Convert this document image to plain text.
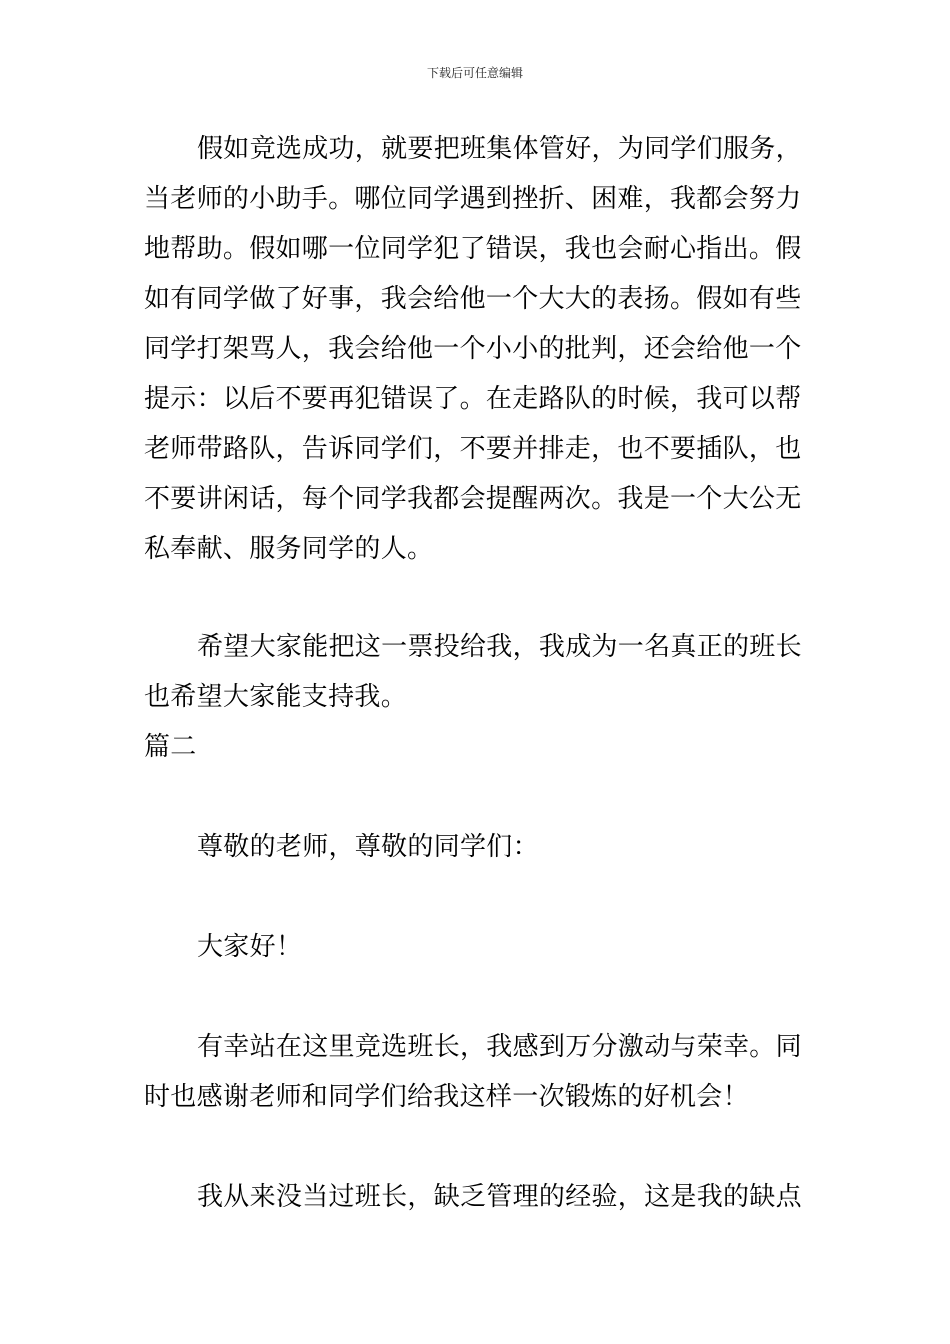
下载后可任意编辑
假如竞选成功，就要把班集体管好，为同学们服务，
当老师的小助手。哪位同学遇到挫折、困难，我都会努力
地帮助。假如哪一位同学犯了错误，我也会耐心指出。假
如有同学做了好事，我会给他一个大大的表扬。假如有些
同学打架骂人，我会给他一个小小的批判，还会给他一个
提示：以后不要再犯错误了。在走路队的时候，我可以帮
老师带路队，告诉同学们，不要并排走，也不要插队，也
不要讲闲话，每个同学我都会提醒两次。我是一个大公无
私奉献、服务同学的人。
希望大家能把这一票投给我，我成为一名真正的班长
也希望大家能支持我。
篇二
尊敬的老师，尊敬的同学们：
大家好！
有幸站在这里竞选班长，我感到万分激动与荣幸。同
时也感谢老师和同学们给我这样一次锻炼的好机会！
我从来没当过班长，缺乏管理的经验，这是我的缺点
